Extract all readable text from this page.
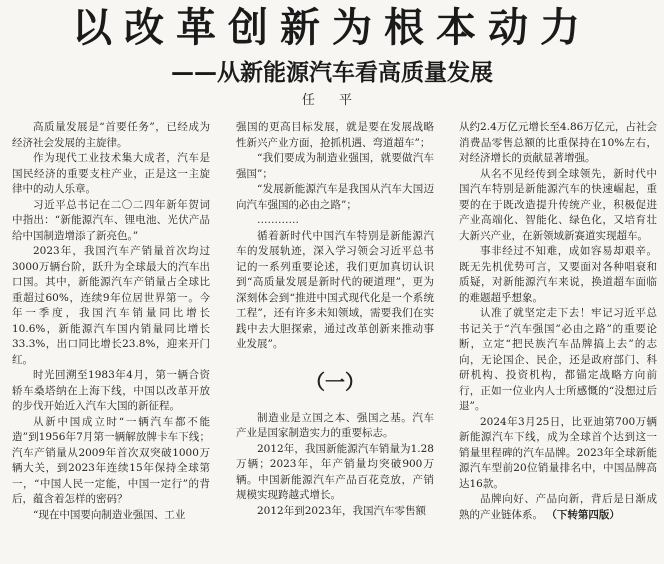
以改革创新为根本动力
——从新能源汽车看高质量发展
任 平

高质量发展是“首要任务”，已经成为经济社会发展的主旋律。

作为现代工业技术集大成者，汽车是国民经济的重要支柱产业，正是这一主旋律中的动人乐章。

习近平总书记在二〇二四年新年贺词中指出：“新能源汽车、锂电池、光伏产品给中国制造增添了新亮色。”

2023年，我国汽车产销量首次均过3000万辆台阶，跃升为全球最大的汽车出口国。其中，新能源汽车产销量占全球比重超过60%，连续9年位居世界第一。今年一季度，我国汽车销量同比增长10.6%，新能源汽车国内销量同比增长33.3%，出口同比增长23.8%，迎来开门红。

时光回溯至1983年4月，第一辆合资轿车桑塔纳在上海下线，中国以改革开放的步伐开始近入汽车大国的新征程。

从新中国成立时“一辆汽车都不能造”到1956年7月第一辆解放牌卡车下线；汽车产销量从2009年首次双突破1000万辆大关，到2023年连续15年保持全球第一，“中国人民一定能，中国一定行”的背后，蕴含着怎样的密码？

“现在中国要向制造业强国、工业

强国的更高目标发展，就是要在发展战略性新兴产业方面，抢抓机遇、弯道超车”；

“我们要成为制造业强国，就要做汽车强国”；

“发展新能源汽车是我国从汽车大国迈向汽车强国的必由之路”；

…………

循着新时代中国汽车特别是新能源汽车的发展轨迹，深入学习领会习近平总书记的一系列重要论述，我们更加真切认识到“高质量发展是新时代的硬道理”，更为深刻体会到“推进中国式现代化是一个系统工程”，还有许多未知领域，需要我们在实践中去大胆探索，通过改革创新来推动事业发展”。

（一）

制造业是立国之本、强国之基。汽车产业是国家制造实力的重要标志。

2012年，我国新能源汽车销量为1.28万辆；2023年，年产销量均突破900万辆。中国新能源汽车产品百花竞放，产销规模实现跨越式增长。

2012年到2023年，我国汽车零售额

从约2.4万亿元增长至4.86万亿元，占社会消费品零售总额的比重保持在10%左右，对经济增长的贡献显著增强。

从名不见经传到全球领先，新时代中国汽车特别是新能源汽车的快速崛起，重要的在于既改造提升传统产业，积极促进产业高端化、智能化、绿色化，又培育壮大新兴产业，在新领域新赛道实现超车。

事非经过不知难，成如容易却艰辛。既无先机优势可言，又要面对各种唱衰和质疑，对新能源汽车来说，换道超车面临的难题超乎想象。

认准了就坚定走下去！牢记习近平总书记关于“汽车强国”必由之路”的重要论断，立定“把民族汽车品牌搞上去”的志向，无论国企、民企，还是政府部门、科研机构、投资机构，都锚定战略方向前行，正如一位业内人士所感慨的“没想过后退”。

2024年3月25日，比亚迪第700万辆新能源汽车下线，成为全球首个达到这一销量里程碑的汽车品牌。2023年全球新能源汽车型前20位销量排名中，中国品牌高达16款。

品牌向好、产品向新，背后是日渐成熟的产业链体系。 （下转第四版）
